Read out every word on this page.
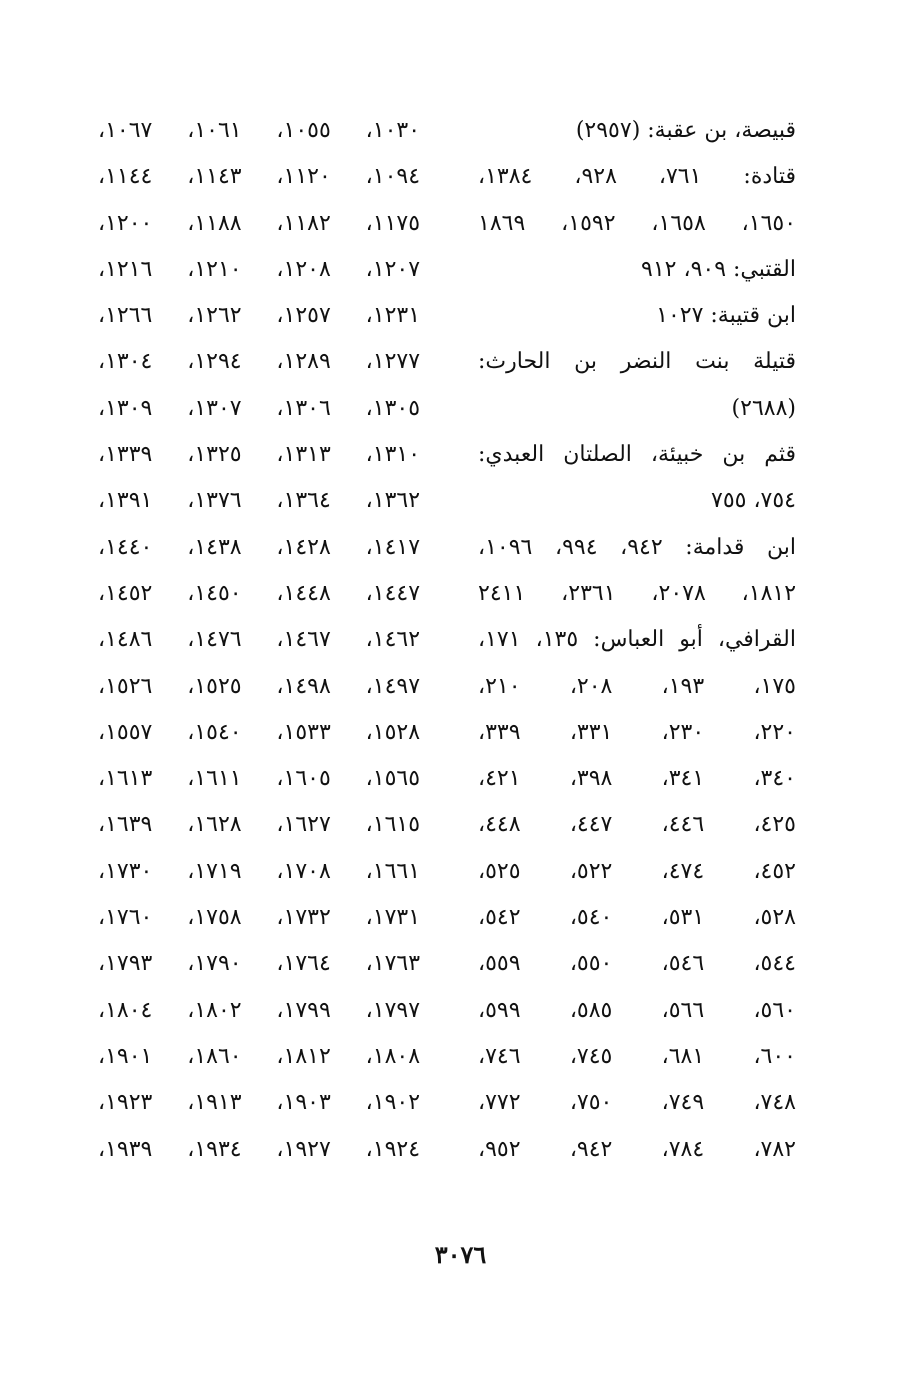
قبيصة، بن عقبة: (٢٩٥٧)
قتادة: ٧٦١، ٩٢٨، ١٣٨٤،
١٦٥٠، ١٦٥٨، ١٥٩٢، ١٨٦٩
القتبي: ٩٠٩، ٩١٢
ابن قتيبة: ١٠٢٧
قتيلة بنت النضر بن الحارث:
(٢٦٨٨)
قثم بن خبيئة، الصلتان العبدي:
٧٥٤، ٧٥٥
ابن قدامة: ٩٤٢، ٩٩٤، ١٠٩٦،
١٨١٢، ٢٠٧٨، ٢٣٦١، ٢٤١١
القرافي، أبو العباس: ١٣٥، ١٧١،
١٧٥، ١٩٣، ٢٠٨، ٢١٠،
٢٢٠، ٢٣٠، ٣٣١، ٣٣٩،
٣٤٠، ٣٤١، ٣٩٨، ٤٢١،
٤٢٥، ٤٤٦، ٤٤٧، ٤٤٨،
٤٥٢، ٤٧٤، ٥٢٢، ٥٢٥،
٥٢٨، ٥٣١، ٥٤٠، ٥٤٢،
٥٤٤، ٥٤٦، ٥٥٠، ٥٥٩،
٥٦٠، ٥٦٦، ٥٨٥، ٥٩٩،
٦٠٠، ٦٨١، ٧٤٥، ٧٤٦،
٧٤٨، ٧٤٩، ٧٥٠، ٧٧٢،
٧٨٢، ٧٨٤، ٩٤٢، ٩٥٢،
١٠٣٠، ١٠٥٥، ١٠٦١، ١٠٦٧،
١٠٩٤، ١١٢٠، ١١٤٣، ١١٤٤،
١١٧٥، ١١٨٢، ١١٨٨، ١٢٠٠،
١٢٠٧، ١٢٠٨، ١٢١٠، ١٢١٦،
١٢٣١، ١٢٥٧، ١٢٦٢، ١٢٦٦،
١٢٧٧، ١٢٨٩، ١٢٩٤، ١٣٠٤،
١٣٠٥، ١٣٠٦، ١٣٠٧، ١٣٠٩،
١٣١٠، ١٣١٣، ١٣٢٥، ١٣٣٩،
١٣٦٢، ١٣٦٤، ١٣٧٦، ١٣٩١،
١٤١٧، ١٤٢٨، ١٤٣٨، ١٤٤٠،
١٤٤٧، ١٤٤٨، ١٤٥٠، ١٤٥٢،
١٤٦٢، ١٤٦٧، ١٤٧٦، ١٤٨٦،
١٤٩٧، ١٤٩٨، ١٥٢٥، ١٥٢٦،
١٥٢٨، ١٥٣٣، ١٥٤٠، ١٥٥٧،
١٥٦٥، ١٦٠٥، ١٦١١، ١٦١٣،
١٦١٥، ١٦٢٧، ١٦٢٨، ١٦٣٩،
١٦٦١، ١٧٠٨، ١٧١٩، ١٧٣٠،
١٧٣١، ١٧٣٢، ١٧٥٨، ١٧٦٠،
١٧٦٣، ١٧٦٤، ١٧٩٠، ١٧٩٣،
١٧٩٧، ١٧٩٩، ١٨٠٢، ١٨٠٤،
١٨٠٨، ١٨١٢، ١٨٦٠، ١٩٠١،
١٩٠٢، ١٩٠٣، ١٩١٣، ١٩٢٣،
١٩٢٤، ١٩٢٧، ١٩٣٤، ١٩٣٩،
٣٠٧٦
